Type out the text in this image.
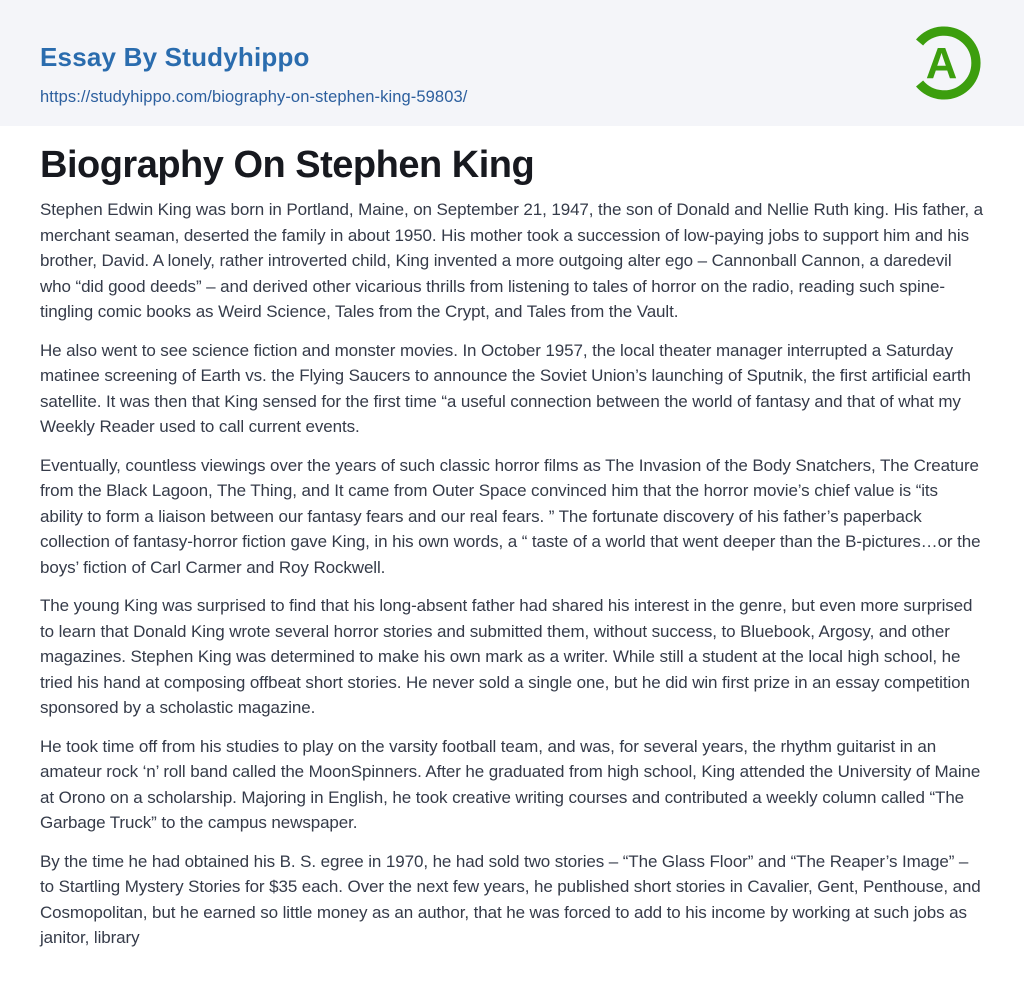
Essay By Studyhippo
https://studyhippo.com/biography-on-stephen-king-59803/
A
Biography On Stephen King

Stephen Edwin King was born in Portland, Maine, on September 21, 1947, the son of Donald and Nellie Ruth king. His father, a merchant seaman, deserted the family in about 1950. His mother took a succession of low-paying jobs to support him and his brother, David. A lonely, rather introverted child, King invented a more outgoing alter ego – Cannonball Cannon, a daredevil who “did good deeds” – and derived other vicarious thrills from listening to tales of horror on the radio, reading such spine-tingling comic books as Weird Science, Tales from the Crypt, and Tales from the Vault.

He also went to see science fiction and monster movies. In October 1957, the local theater manager interrupted a Saturday matinee screening of Earth vs. the Flying Saucers to announce the Soviet Union’s launching of Sputnik, the first artificial earth satellite. It was then that King sensed for the first time “a useful connection between the world of fantasy and that of what my Weekly Reader used to call current events.

Eventually, countless viewings over the years of such classic horror films as The Invasion of the Body Snatchers, The Creature from the Black Lagoon, The Thing, and It came from Outer Space convinced him that the horror movie’s chief value is “its ability to form a liaison between our fantasy fears and our real fears. ” The fortunate discovery of his father’s paperback collection of fantasy-horror fiction gave King, in his own words, a “ taste of a world that went deeper than the B-pictures…or the boys’ fiction of Carl Carmer and Roy Rockwell.

The young King was surprised to find that his long-absent father had shared his interest in the genre, but even more surprised to learn that Donald King wrote several horror stories and submitted them, without success, to Bluebook, Argosy, and other magazines. Stephen King was determined to make his own mark as a writer. While still a student at the local high school, he tried his hand at composing offbeat short stories. He never sold a single one, but he did win first prize in an essay competition sponsored by a scholastic magazine.

He took time off from his studies to play on the varsity football team, and was, for several years, the rhythm guitarist in an amateur rock ‘n’ roll band called the MoonSpinners. After he graduated from high school, King attended the University of Maine at Orono on a scholarship. Majoring in English, he took creative writing courses and contributed a weekly column called “The Garbage Truck” to the campus newspaper.

By the time he had obtained his B. S. egree in 1970, he had sold two stories – “The Glass Floor” and “The Reaper’s Image” – to Startling Mystery Stories for $35 each. Over the next few years, he published short stories in Cavalier, Gent, Penthouse, and Cosmopolitan, but he earned so little money as an author, that he was forced to add to his income by working at such jobs as janitor, library
